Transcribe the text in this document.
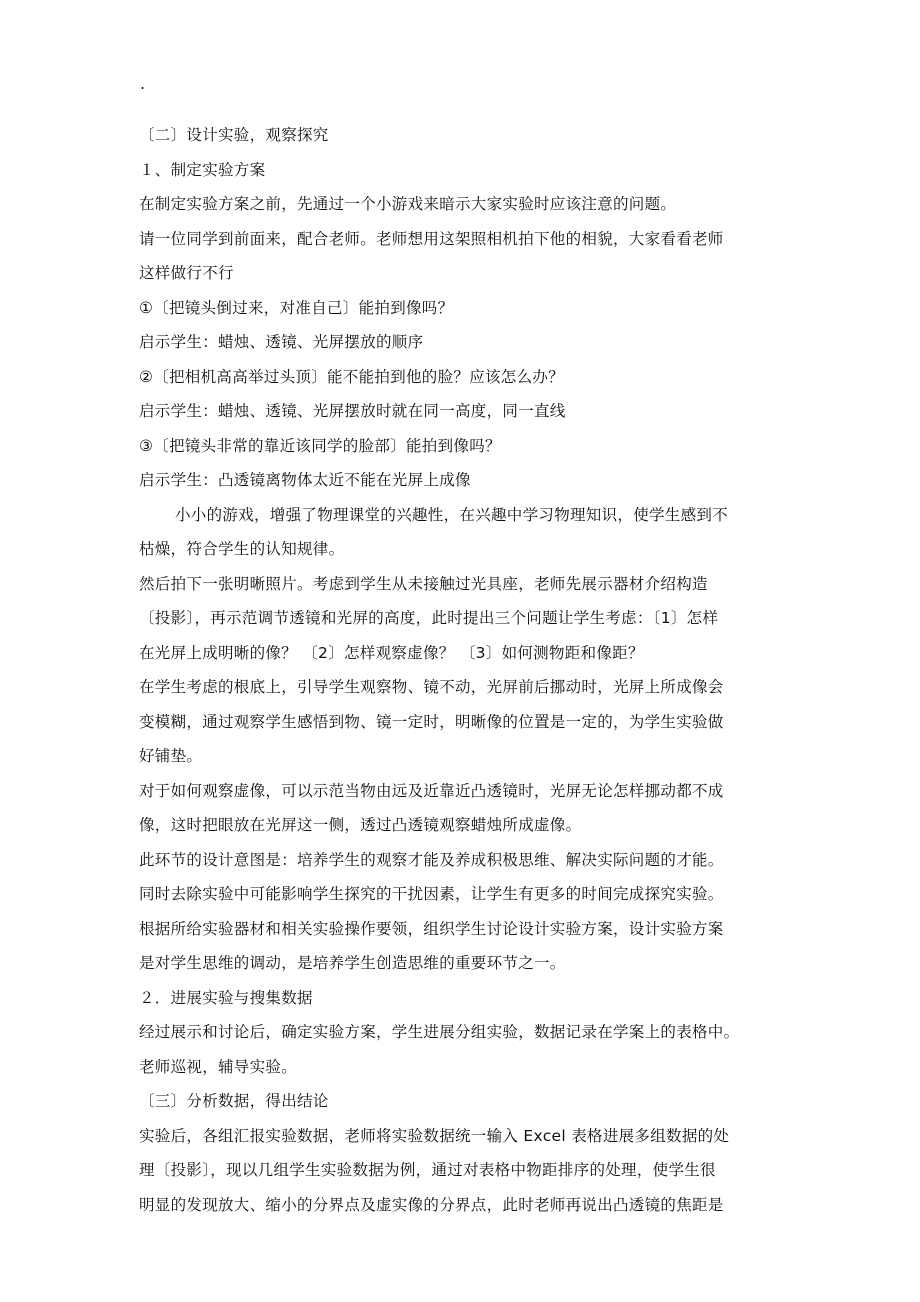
.
〔二〕设计实验，观察探究
１、制定实验方案
在制定实验方案之前，先通过一个小游戏来暗示大家实验时应该注意的问题。
请一位同学到前面来，配合老师。老师想用这架照相机拍下他的相貌，大家看看老师
这样做行不行
①〔把镜头倒过来，对准自己〕能拍到像吗？
启示学生：蜡烛、透镜、光屏摆放的顺序
②〔把相机高高举过头顶〕能不能拍到他的脸？应该怎么办？
启示学生：蜡烛、透镜、光屏摆放时就在同一高度，同一直线
③〔把镜头非常的靠近该同学的脸部〕能拍到像吗？
启示学生：凸透镜离物体太近不能在光屏上成像
小小的游戏，增强了物理课堂的兴趣性，在兴趣中学习物理知识，使学生感到不
枯燥，符合学生的认知规律。
然后拍下一张明晰照片。考虑到学生从未接触过光具座，老师先展示器材介绍构造
〔投影〕，再示范调节透镜和光屏的高度，此时提出三个问题让学生考虑：〔1〕怎样
在光屏上成明晰的像？ 〔2〕怎样观察虚像？ 〔3〕如何测物距和像距？
在学生考虑的根底上，引导学生观察物、镜不动，光屏前后挪动时，光屏上所成像会
变模糊，通过观察学生感悟到物、镜一定时，明晰像的位置是一定的，为学生实验做
好铺垫。
对于如何观察虚像，可以示范当物由远及近靠近凸透镜时，光屏无论怎样挪动都不成
像，这时把眼放在光屏这一侧，透过凸透镜观察蜡烛所成虚像。
此环节的设计意图是：培养学生的观察才能及养成积极思维、解决实际问题的才能。
同时去除实验中可能影响学生探究的干扰因素，让学生有更多的时间完成探究实验。
根据所给实验器材和相关实验操作要领，组织学生讨论设计实验方案，设计实验方案
是对学生思维的调动，是培养学生创造思维的重要环节之一。
２．进展实验与搜集数据
经过展示和讨论后，确定实验方案，学生进展分组实验，数据记录在学案上的表格中。
老师巡视，辅导实验。
〔三〕分析数据，得出结论
实验后，各组汇报实验数据，老师将实验数据统一输入 Excel 表格进展多组数据的处
理〔投影〕，现以几组学生实验数据为例，通过对表格中物距排序的处理，使学生很
明显的发现放大、缩小的分界点及虚实像的分界点，此时老师再说出凸透镜的焦距是
